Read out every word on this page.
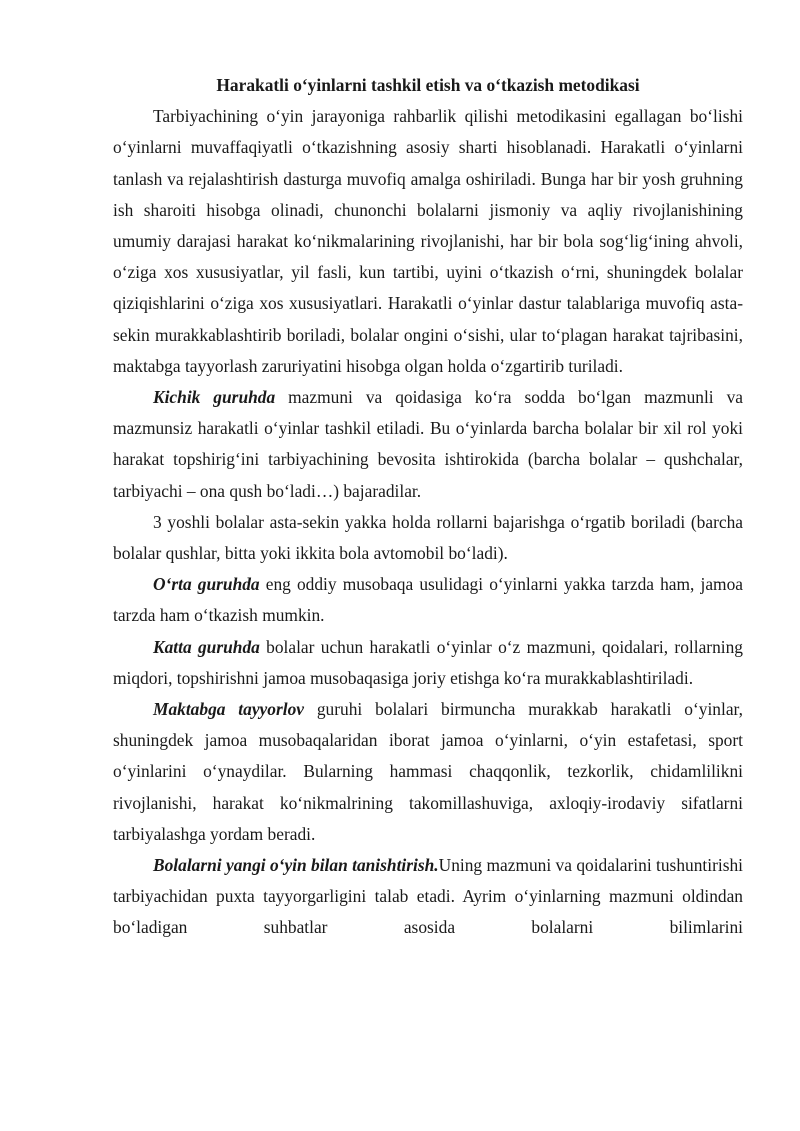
Harakatli o‘yinlarni tashkil etish va o‘tkazish metodikasi

Tarbiyachining o‘yin jarayoniga rahbarlik qilishi metodikasini egallagan bo‘lishi o‘yinlarni muvaffaqiyatli o‘tkazishning asosiy sharti hisoblanadi. Harakatli o‘yinlarni tanlash va rejalashtirish dasturga muvofiq amalga oshiriladi. Bunga har bir yosh gruhning ish sharoiti hisobga olinadi, chunonchi bolalarni jismoniy va aqliy rivojlanishining umumiy darajasi harakat ko‘nikmalarining rivojlanishi, har bir bola sog‘lig‘ining ahvoli, o‘ziga xos xususiyatlar, yil fasli, kun tartibi, uyini o‘tkazish o‘rni, shuningdek bolalar qiziqishlarini o‘ziga xos xususiyatlari. Harakatli o‘yinlar dastur talablariga muvofiq asta-sekin murakkablashtirib boriladi, bolalar ongini o‘sishi, ular to‘plagan harakat tajribasini, maktabga tayyorlash zaruriyatini hisobga olgan holda o‘zgartirib turiladi.

Kichik guruhda mazmuni va qoidasiga ko‘ra sodda bo‘lgan mazmunli va mazmunsiz harakatli o‘yinlar tashkil etiladi. Bu o‘yinlarda barcha bolalar bir xil rol yoki harakat topshirig‘ini tarbiyachining bevosita ishtirokida (barcha bolalar – qushchalar, tarbiyachi – ona qush bo‘ladi…) bajaradilar.

3 yoshli bolalar asta-sekin yakka holda rollarni bajarishga o‘rgatib boriladi (barcha bolalar qushlar, bitta yoki ikkita bola avtomobil bo‘ladi).

O‘rta guruhda eng oddiy musobaqa usulidagi o‘yinlarni yakka tarzda ham, jamoa tarzda ham o‘tkazish mumkin.

Katta guruhda bolalar uchun harakatli o‘yinlar o‘z mazmuni, qoidalari, rollarning miqdori, topshirishni jamoa musobaqasiga joriy etishga ko‘ra murakkablashtiriladi.

Maktabga tayyorlov guruhi bolalari birmuncha murakkab harakatli o‘yinlar, shuningdek jamoa musobaqalaridan iborat jamoa o‘yinlarni, o‘yin estafetasi, sport o‘yinlarini o‘ynaydilar. Bularning hammasi chaqqonlik, tezkorlik, chidamlilikni rivojlanishi, harakat ko‘nikmalrining takomillashuviga, axloqiy-irodaviy sifatlarni tarbiyalashga yordam beradi.

Bolalarni yangi o‘yin bilan tanishtirish.Uning mazmuni va qoidalarini tushuntirishi tarbiyachidan puxta tayyorgarligini talab etadi. Ayrim o‘yinlarning mazmuni oldindan bo‘ladigan suhbatlar asosida bolalarni bilimlarini
